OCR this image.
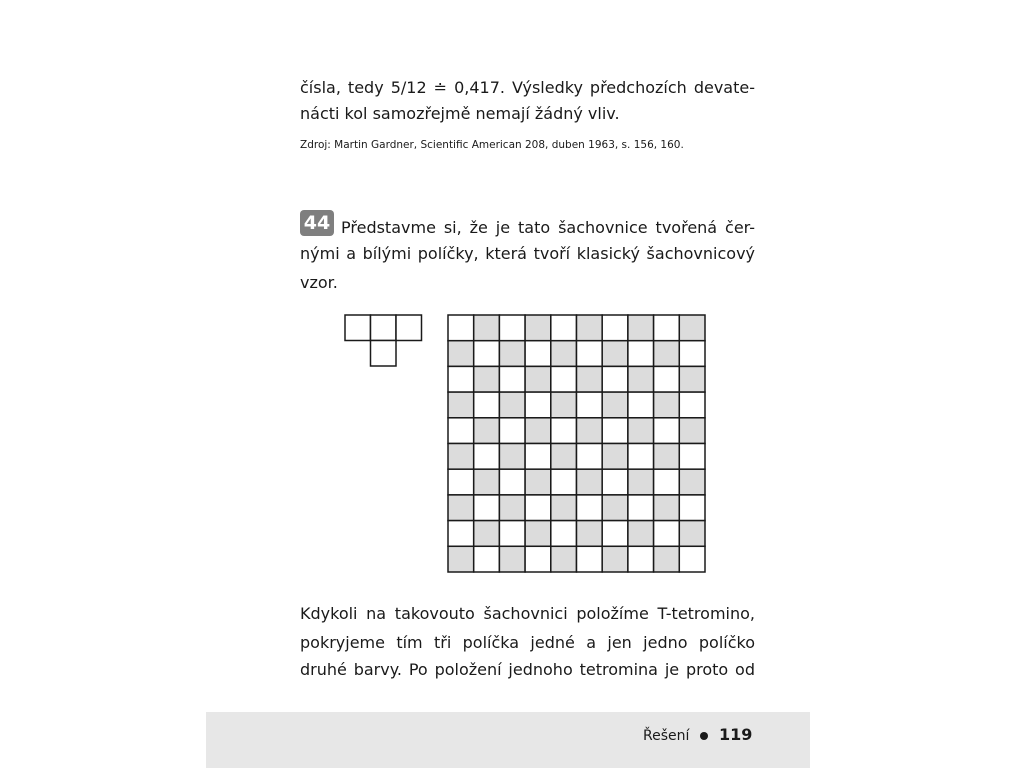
čísla, tedy 5/12 ≐ 0,417. Výsledky předchozích devate-
nácti kol samozřejmě nemají žádný vliv.
Zdroj: Martin Gardner, Scientific American 208, duben 1963, s. 156, 160.
44 Představme si, že je tato šachovnice tvořená čer-
nými a bílými políčky, která tvoří klasický šachovnicový
vzor.
Kdykoli na takovouto šachovnici položíme T-tetromino,
pokryjeme tím tři políčka jedné a jen jedno políčko
druhé barvy. Po položení jednoho tetromina je proto od
Řešení 119
